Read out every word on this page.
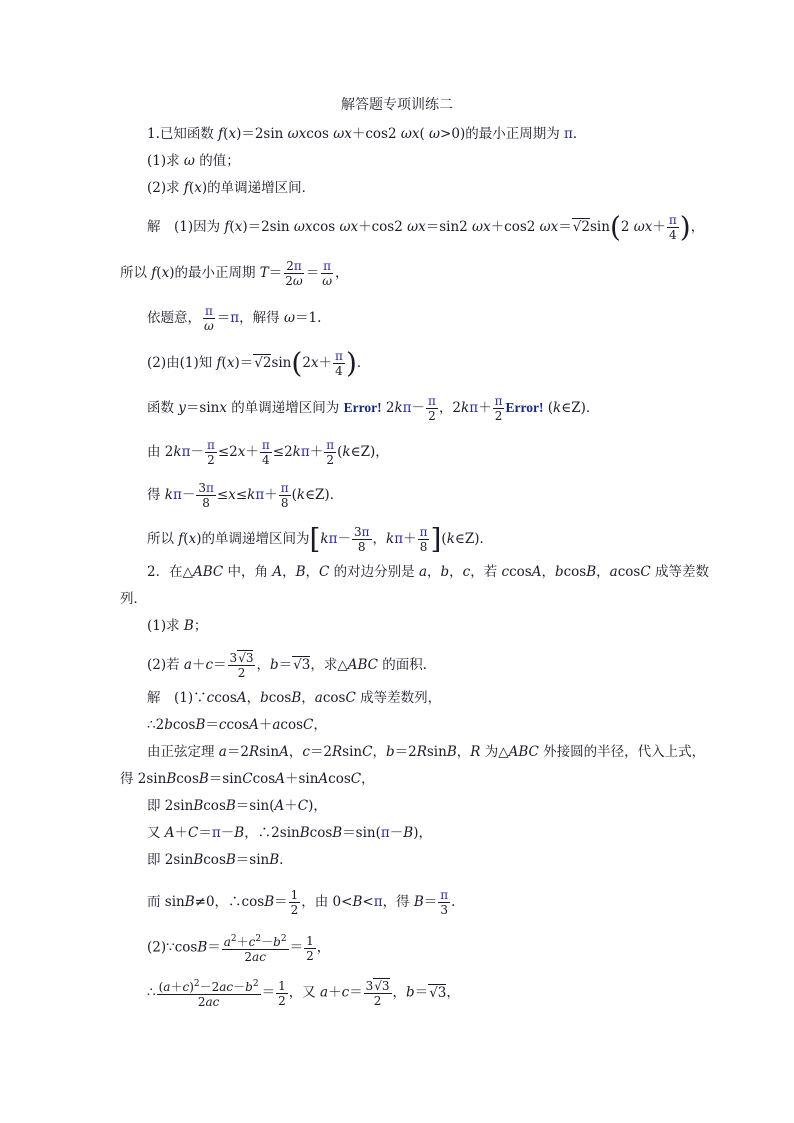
解答题专项训练二
1.已知函数 f(x)＝2sin ωxcos ωx＋cos2 ωx( ω>0)的最小正周期为 π．
(1)求 ω 的值；
(2)求 f(x)的单调递增区间．
解　(1)因为 f(x)＝2sin ωxcos ωx＋cos2 ωx＝sin2 ωx＋cos2 ωx＝√2sin(2 $\omega x+ \frac{\pi}{4}$ )，
所以 f(x)的最小正周期 $T= \frac{2\pi}{2\omega} = \frac{\pi}{\omega}$ ，
依题意， $\frac{\pi}{\omega} =\pi$，解得 ω＝1.
(2)由(1)知 $f(x)=√2\sin(2x+ \frac{\pi}{4}$ )．
函数 y＝sinx 的单调递增区间为 Error! $2k\pi- \frac{\pi}{2}$ ，$2k\pi+ \frac{\pi}{2}$ Error! (k∈Z)．
由 $2k\pi- \frac{\pi}{2} \le 2x+ \frac{\pi}{4} \le 2k\pi+ \frac{\pi}{2}$ (k∈Z)，
得 $k\pi- \frac{3\pi}{8} \le x\le k\pi+ \frac{\pi}{8}$ (k∈Z)．
所以 f(x)的单调递增区间为[$k\pi- \frac{3\pi}{8}$ ，$k\pi+ \frac{\pi}{8}$ ](k∈Z)．
2．在△ABC 中，角 A，B，C 的对边分别是 a，b，c，若 ccosA，bcosB，acosC 成等差数
列．
(1)求 B；
(2)若 $a+c= \frac{3√3}{2}$ ，b＝√3，求△ABC 的面积．
解　(1)∵ccosA，bcosB，acosC 成等差数列，
∴2bcosB＝ccosA＋acosC，
由正弦定理 a＝2RsinA，c＝2RsinC，b＝2RsinB，R 为△ABC 外接圆的半径，代入上式，
得 2sinBcosB＝sinCcosA＋sinAcosC，
即 2sinBcosB＝sin(A＋C)，
又 A＋C＝π－B，∴2sinBcosB＝sin(π－B)，
即 2sinBcosB＝sinB.
而 sinB≠0，∴cosB＝ $\frac{1}{2}$ ，由 0<B<π，得 $B= \frac{\pi}{3}$ .
(2)∵cosB＝ $\frac{a^2+c^2-b^2}{2ac} = \frac{1}{2}$ ，
∴ $\frac{(a+c)^2-2ac-b^2}{2ac} = \frac{1}{2}$ ，又 $a+c= \frac{3√3}{2}$ ，b＝√3，
